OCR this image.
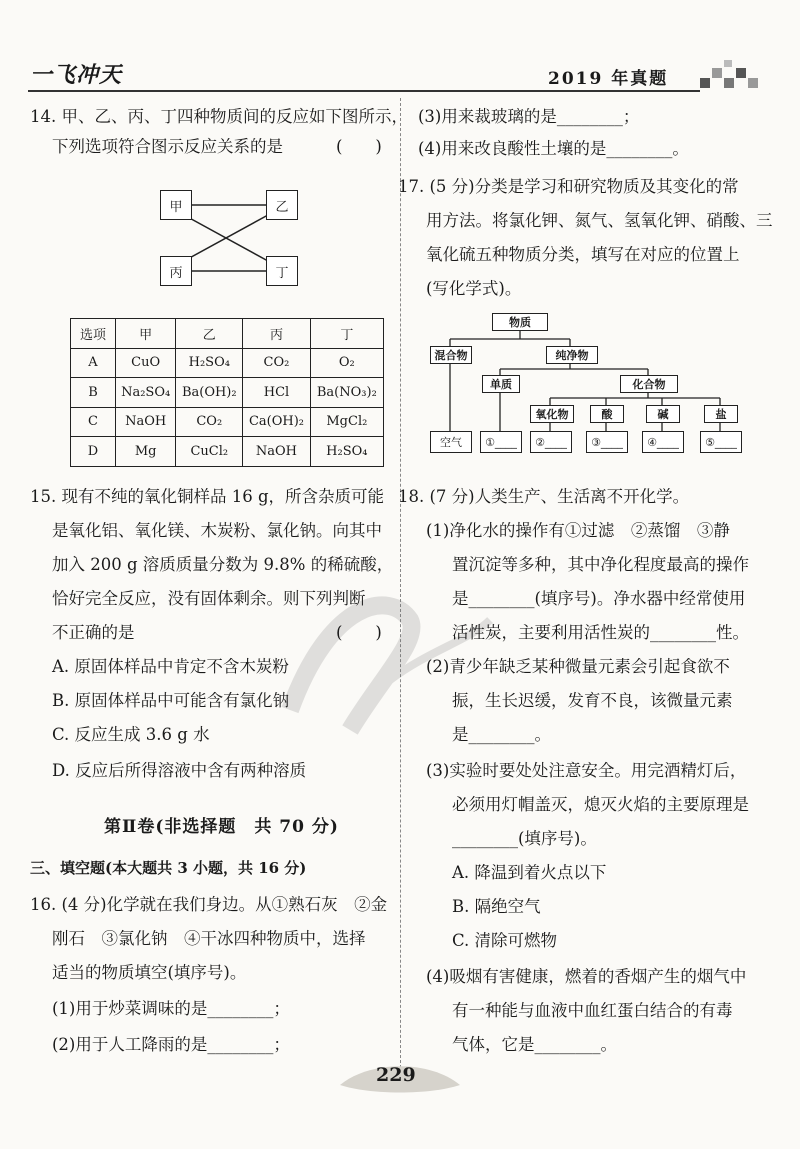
一飞冲天	2019 年真题
14. 甲、乙、丙、丁四种物质间的反应如下图所示，
下列选项符合图示反应关系的是	(　　)
甲	乙
丙	丁
选项	甲	乙	丙	丁
A	CuO	H₂SO₄	CO₂	O₂
B	Na₂SO₄	Ba(OH)₂	HCl	Ba(NO₃)₂
C	NaOH	CO₂	Ca(OH)₂	MgCl₂
D	Mg	CuCl₂	NaOH	H₂SO₄
15. 现有不纯的氧化铜样品 16 g，所含杂质可能
是氧化铝、氧化镁、木炭粉、氯化钠。向其中
加入 200 g 溶质质量分数为 9.8% 的稀硫酸，
恰好完全反应，没有固体剩余。则下列判断
不正确的是	(　　)
A. 原固体样品中肯定不含木炭粉
B. 原固体样品中可能含有氯化钠
C. 反应生成 3.6 g 水
D. 反应后所得溶液中含有两种溶质
第Ⅱ卷(非选择题　共 70 分)
三、填空题(本大题共 3 小题，共 16 分)
16. (4 分)化学就在我们身边。从①熟石灰　②金
刚石　③氯化钠　④干冰四种物质中，选择
适当的物质填空(填序号)。
(1)用于炒菜调味的是________；
(2)用于人工降雨的是________；
(3)用来裁玻璃的是________；
(4)用来改良酸性土壤的是________。
17. (5 分)分类是学习和研究物质及其变化的常
用方法。将氯化钾、氮气、氢氧化钾、硝酸、三
氧化硫五种物质分类，填写在对应的位置上
(写化学式)。
物质
混合物	纯净物
单质	化合物
氧化物	酸	碱	盐
空气	①____	②____	③____	④____	⑤____
18. (7 分)人类生产、生活离不开化学。
(1)净化水的操作有①过滤　②蒸馏　③静
置沉淀等多种，其中净化程度最高的操作
是________(填序号)。净水器中经常使用
活性炭，主要利用活性炭的________性。
(2)青少年缺乏某种微量元素会引起食欲不
振，生长迟缓，发育不良，该微量元素
是________。
(3)实验时要处处注意安全。用完酒精灯后，
必须用灯帽盖灭，熄灭火焰的主要原理是
________(填序号)。
A. 降温到着火点以下
B. 隔绝空气
C. 清除可燃物
(4)吸烟有害健康，燃着的香烟产生的烟气中
有一种能与血液中血红蛋白结合的有毒
气体，它是________。
229
